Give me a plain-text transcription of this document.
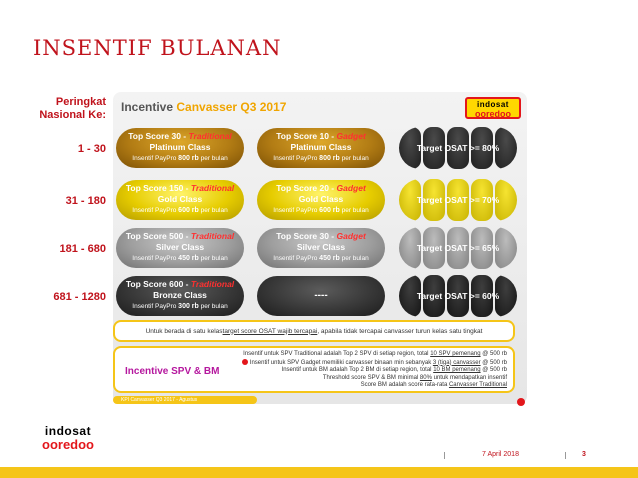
INSENTIF BULANAN
Incentive Canvasser Q3 2017	indosat
ooredoo
Peringkat Nasional Ke:
1 - 30
31 - 180
181 - 680
681 - 1280
Top Score 30 - Traditional
Platinum Class
Insentif PayPro 800 rb per bulan
Top Score 150 - Traditional
Gold Class
Insentif PayPro 600 rb per bulan
Top Score 500 - Traditional
Silver Class
Insentif PayPro 450 rb per bulan
Top Score 600 - Traditional
Bronze Class
Insentif PayPro 300 rb per bulan
Top Score 10 - Gadget
Platinum Class
Insentif PayPro 800 rb per bulan
Top Score 20 - Gadget
Gold Class
Insentif PayPro 600 rb per bulan
Top Score 30 - Gadget
Silver Class
Insentif PayPro 450 rb per bulan
----
Target OSAT >= 80%
Target OSAT >= 70%
Target OSAT >= 65%
Target OSAT >= 60%
Untuk berada di satu kelas target score OSAT wajib tercapai , apabila tidak tercapai canvasser turun kelas satu tingkat
Incentive SPV & BM
Insentif untuk SPV Traditional adalah Top 2 SPV di setiap region, total 10 SPV pemenang @ 500 rb
Insentif untuk SPV Gadget memiliki canvasser binaan min sebanyak 3 (tiga) canvasser @ 500 rb
Insentif untuk BM adalah Top 2 BM di setiap region, total 10 BM pemenang @ 500 rb
Threshold score SPV & BM minimal 80% untuk mendapatkan insentif
Score BM adalah score rata-rata Canvasser Traditional
KPI Canvasser Q3 2017 - Agustus
indosat
ooredoo
7 April 2018	3
